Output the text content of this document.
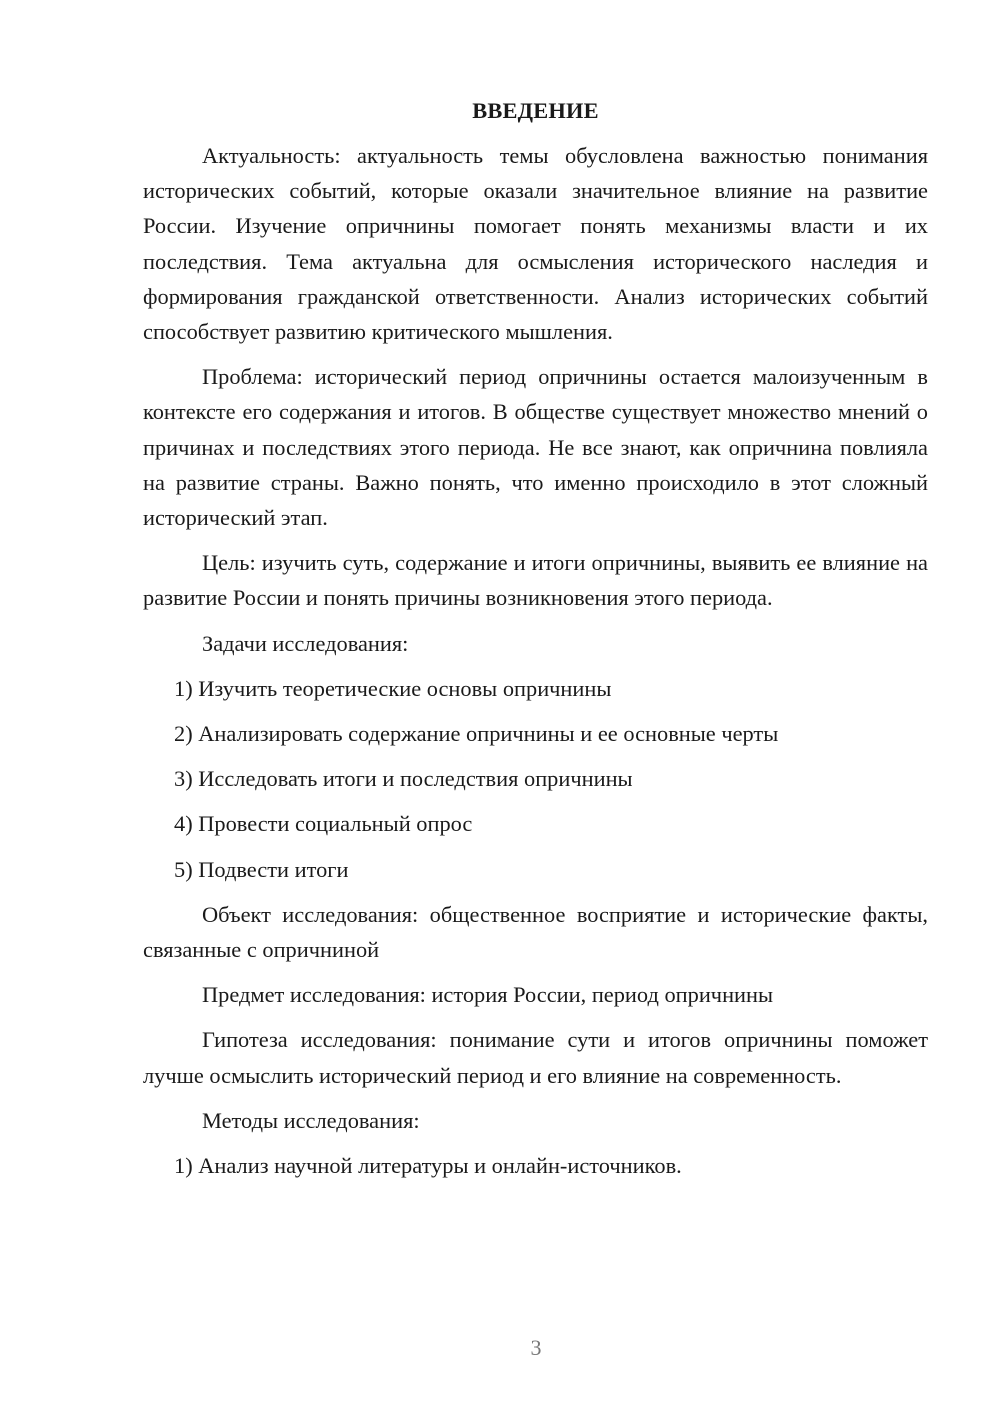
ВВЕДЕНИЕ

Актуальность: актуальность темы обусловлена важностью понимания исторических событий, которые оказали значительное влияние на развитие России. Изучение опричнины помогает понять механизмы власти и их последствия. Тема актуальна для осмысления исторического наследия и формирования гражданской ответственности. Анализ исторических событий способствует развитию критического мышления.

Проблема: исторический период опричнины остается малоизученным в контексте его содержания и итогов. В обществе существует множество мнений о причинах и последствиях этого периода. Не все знают, как опричнина повлияла на развитие страны. Важно понять, что именно происходило в этот сложный исторический этап.

Цель: изучить суть, содержание и итоги опричнины, выявить ее влияние на развитие России и понять причины возникновения этого периода.

Задачи исследования:

1) Изучить теоретические основы опричнины

2) Анализировать содержание опричнины и ее основные черты

3) Исследовать итоги и последствия опричнины

4) Провести социальный опрос

5) Подвести итоги

Объект исследования: общественное восприятие и исторические факты, связанные с опричниной

Предмет исследования: история России, период опричнины

Гипотеза исследования: понимание сути и итогов опричнины поможет лучше осмыслить исторический период и его влияние на современность.

Методы исследования:

1) Анализ научной литературы и онлайн-источников.

3
